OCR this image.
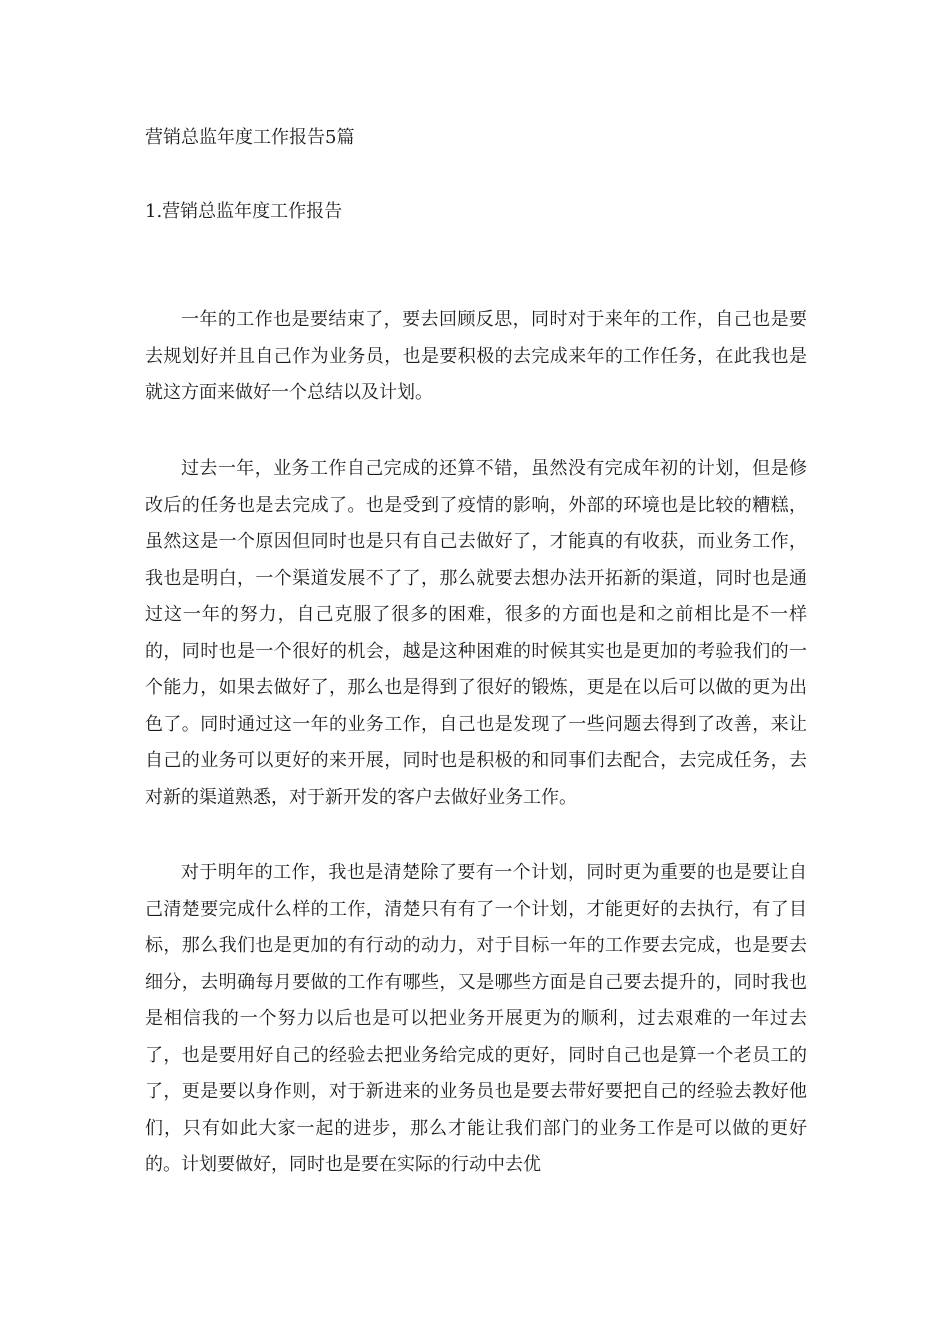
营销总监年度工作报告5篇
1.营销总监年度工作报告

一年的工作也是要结束了，要去回顾反思，同时对于来年的工作，自己也是要去规划好并且自己作为业务员，也是要积极的去完成来年的工作任务，在此我也是就这方面来做好一个总结以及计划。

过去一年，业务工作自己完成的还算不错，虽然没有完成年初的计划，但是修改后的任务也是去完成了。也是受到了疫情的影响，外部的环境也是比较的糟糕，虽然这是一个原因但同时也是只有自己去做好了，才能真的有收获，而业务工作，我也是明白，一个渠道发展不了了，那么就要去想办法开拓新的渠道，同时也是通过这一年的努力，自己克服了很多的困难，很多的方面也是和之前相比是不一样的，同时也是一个很好的机会，越是这种困难的时候其实也是更加的考验我们的一个能力，如果去做好了，那么也是得到了很好的锻炼，更是在以后可以做的更为出色了。同时通过这一年的业务工作，自己也是发现了一些问题去得到了改善，来让自己的业务可以更好的来开展，同时也是积极的和同事们去配合，去完成任务，去对新的渠道熟悉，对于新开发的客户去做好业务工作。

对于明年的工作，我也是清楚除了要有一个计划，同时更为重要的也是要让自己清楚要完成什么样的工作，清楚只有有了一个计划，才能更好的去执行，有了目标，那么我们也是更加的有行动的动力，对于目标一年的工作要去完成，也是要去细分，去明确每月要做的工作有哪些，又是哪些方面是自己要去提升的，同时我也是相信我的一个努力以后也是可以把业务开展更为的顺利，过去艰难的一年过去了，也是要用好自己的经验去把业务给完成的更好，同时自己也是算一个老员工的了，更是要以身作则，对于新进来的业务员也是要去带好要把自己的经验去教好他们，只有如此大家一起的进步，那么才能让我们部门的业务工作是可以做的更好的。计划要做好，同时也是要在实际的行动中去优
